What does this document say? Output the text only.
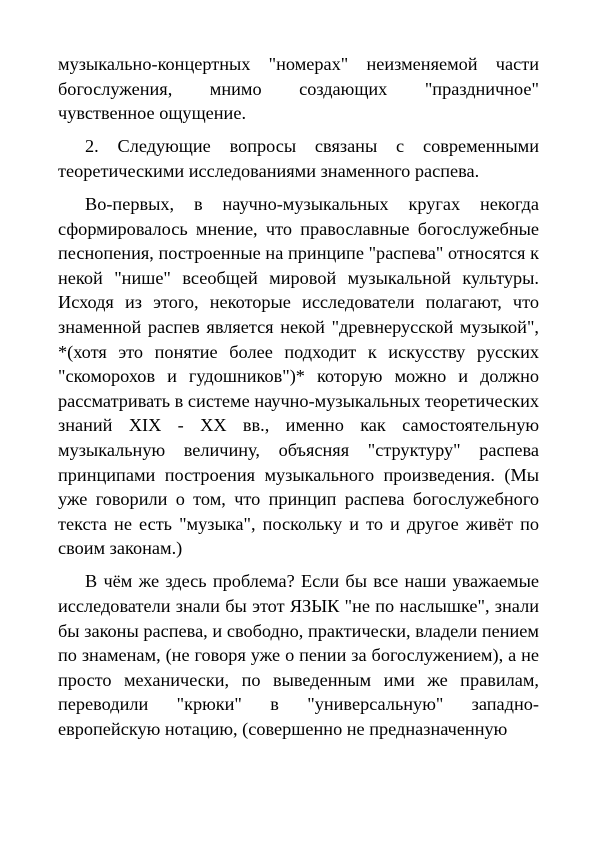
музыкально-концертных "номерах" неизменяемой части богослужения, мнимо создающих "праздничное" чувственное ощущение.

2. Следующие вопросы связаны с современными теоретическими исследованиями знаменного распева.

Во-первых, в научно-музыкальных кругах некогда сформировалось мнение, что православные богослужебные песнопения, построенные на принципе "распева" относятся к некой "нише" всеобщей мировой музыкальной культуры. Исходя из этого, некоторые исследователи полагают, что знаменной распев является некой "древнерусской музыкой", *(хотя это понятие более подходит к искусству русских "скоморохов и гудошников")* которую можно и должно рассматривать в системе научно-музыкальных теоретических знаний XIX - XX вв., именно как самостоятельную музыкальную величину, объясняя "структуру" распева принципами построения музыкального произведения. (Мы уже говорили о том, что принцип распева богослужебного текста не есть "музыка", поскольку и то и другое живёт по своим законам.)

В чём же здесь проблема? Если бы все наши уважаемые исследователи знали бы этот ЯЗЫК "не по наслышке", знали бы законы распева, и свободно, практически, владели пением по знаменам, (не говоря уже о пении за богослужением), а не просто механически, по выведенным ими же правилам, переводили "крюки" в "универсальную" западно-европейскую нотацию, (совершенно не предназначенную
